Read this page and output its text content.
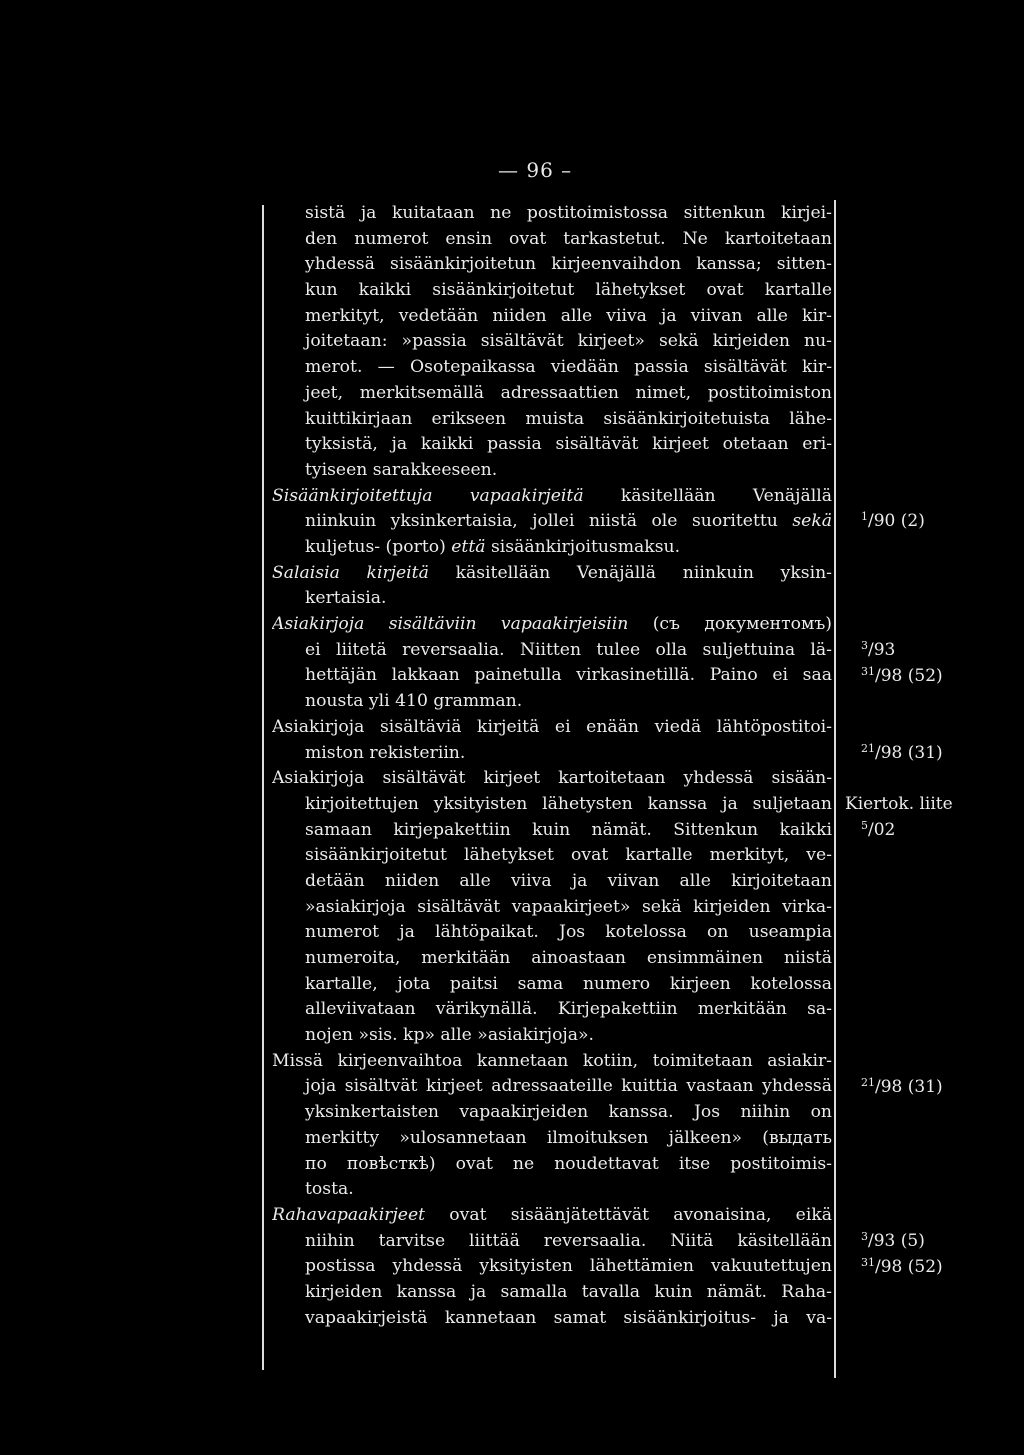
— 96 –
sistä ja kuitataan ne postitoimistossa sittenkun kirjei-
den numerot ensin ovat tarkastetut. Ne kartoitetaan
yhdessä sisäänkirjoitetun kirjeenvaihdon kanssa; sitten-
kun kaikki sisäänkirjoitetut lähetykset ovat kartalle
merkityt, vedetään niiden alle viiva ja viivan alle kir-
joitetaan: »passia sisältävät kirjeet» sekä kirjeiden nu-
merot. — Osotepaikassa viedään passia sisältävät kir-
jeet, merkitsemällä adressaattien nimet, postitoimiston
kuittikirjaan erikseen muista sisäänkirjoitetuista lähe-
tyksistä, ja kaikki passia sisältävät kirjeet otetaan eri-
tyiseen sarakkeeseen.
Sisäänkirjoitettuja vapaakirjeitä käsitellään Venäjällä
niinkuin yksinkertaisia, jollei niistä ole suoritettu sekä
kuljetus- (porto) että sisäänkirjoitusmaksu.
Salaisia kirjeitä käsitellään Venäjällä niinkuin yksin-
kertaisia.
Asiakirjoja sisältäviin vapaakirjeisiin (съ документомъ)
ei liitetä reversaalia. Niitten tulee olla suljettuina lä-
hettäjän lakkaan painetulla virkasinetillä. Paino ei saa
nousta yli 410 gramman.
Asiakirjoja sisältäviä kirjeitä ei enään viedä lähtöpostitoi-
miston rekisteriin.
Asiakirjoja sisältävät kirjeet kartoitetaan yhdessä sisään-
kirjoitettujen yksityisten lähetysten kanssa ja suljetaan
samaan kirjepakettiin kuin nämät. Sittenkun kaikki
sisäänkirjoitetut lähetykset ovat kartalle merkityt, ve-
detään niiden alle viiva ja viivan alle kirjoitetaan
»asiakirjoja sisältävät vapaakirjeet» sekä kirjeiden virka-
numerot ja lähtöpaikat. Jos kotelossa on useampia
numeroita, merkitään ainoastaan ensimmäinen niistä
kartalle, jota paitsi sama numero kirjeen kotelossa
alleviivataan värikynällä. Kirjepakettiin merkitään sa-
nojen »sis. kp» alle »asiakirjoja».
Missä kirjeenvaihtoa kannetaan kotiin, toimitetaan asiakir-
joja sisältvät kirjeet adressaateille kuittia vastaan yhdessä
yksinkertaisten vapaakirjeiden kanssa. Jos niihin on
merkitty »ulosannetaan ilmoituksen jälkeen» (выдать
по повѣсткѣ) ovat ne noudettavat itse postitoimis-
tosta.
Rahavapaakirjeet ovat sisäänjätettävät avonaisina, eikä
niihin tarvitse liittää reversaalia. Niitä käsitellään
postissa yhdessä yksityisten lähettämien vakuutettujen
kirjeiden kanssa ja samalla tavalla kuin nämät. Raha-
vapaakirjeistä kannetaan samat sisäänkirjoitus- ja va-
$^1$/90 (2)
$^3$/93
$^{31}$/98 (52)
$^{21}$/98 (31)
Kiertok. liite
$^5$/02
$^{21}$/98 (31)
$^3$/93 (5)
$^{31}$/98 (52)
